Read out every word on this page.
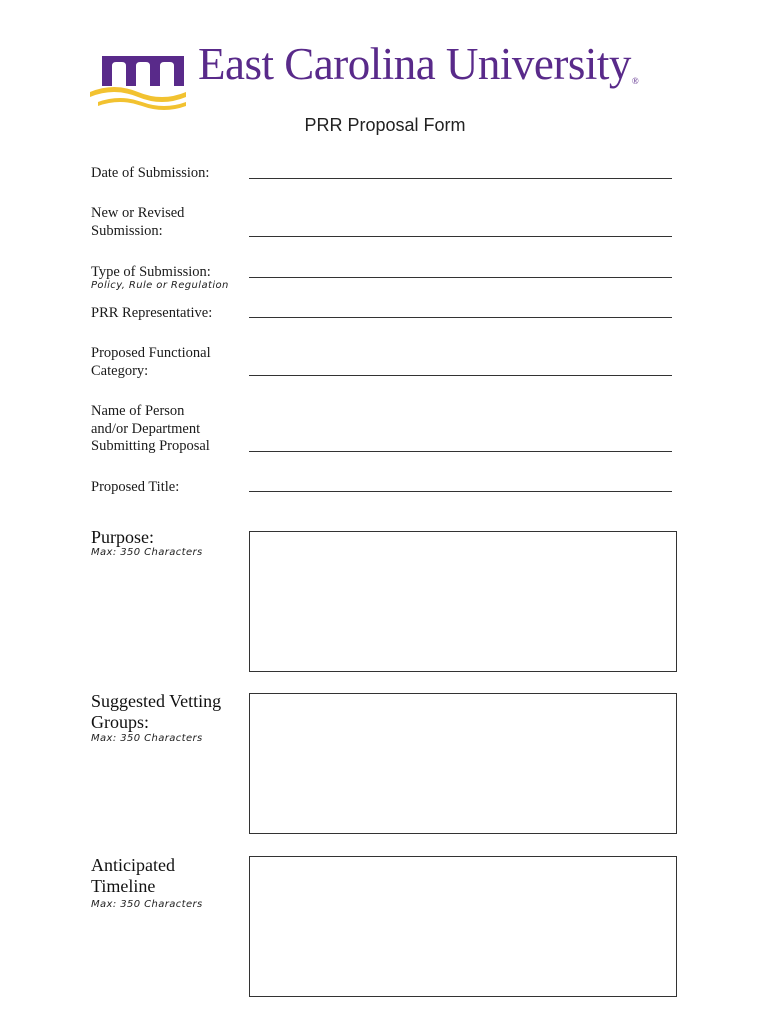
East Carolina University®
PRR Proposal Form
Date of Submission:
New or Revised
Submission:
Type of Submission:
Policy, Rule or Regulation
PRR Representative:
Proposed Functional
Category:
Name of Person
and/or Department
Submitting Proposal
Proposed Title:
Purpose:
Max: 350 Characters
Suggested Vetting
Groups:
Max: 350 Characters
Anticipated
Timeline
Max: 350 Characters
